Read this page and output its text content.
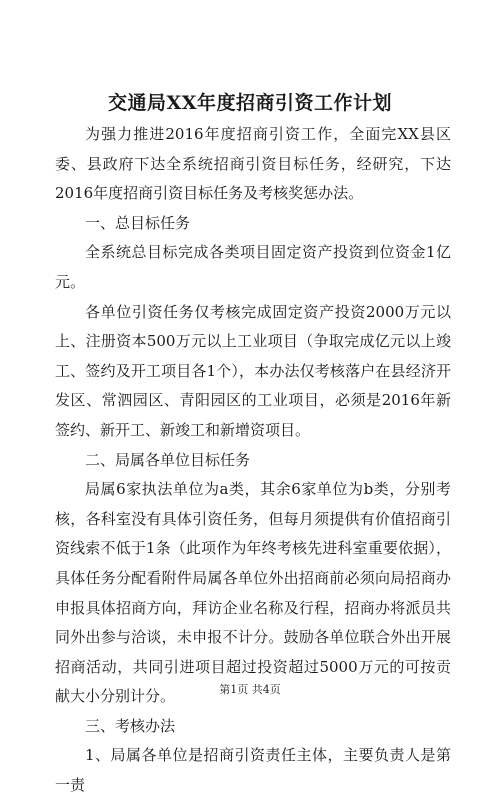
交通局XX年度招商引资工作计划

为强力推进2016年度招商引资工作，全面完XX县区委、县政府下达全系统招商引资目标任务，经研究，下达2016年度招商引资目标任务及考核奖惩办法。

一、总目标任务

全系统总目标完成各类项目固定资产投资到位资金1亿元。

各单位引资任务仅考核完成固定资产投资2000万元以上、注册资本500万元以上工业项目（争取完成亿元以上竣工、签约及开工项目各1个），本办法仅考核落户在县经济开发区、常泗园区、青阳园区的工业项目，必须是2016年新签约、新开工、新竣工和新增资项目。

二、局属各单位目标任务

局属6家执法单位为a类，其余6家单位为b类，分别考核，各科室没有具体引资任务，但每月须提供有价值招商引资线索不低于1条（此项作为年终考核先进科室重要依据），具体任务分配看附件局属各单位外出招商前必须向局招商办申报具体招商方向，拜访企业名称及行程，招商办将派员共同外出参与洽谈，未申报不计分。鼓励各单位联合外出开展招商活动，共同引进项目超过投资超过5000万元的可按贡献大小分别计分。

三、考核办法

1、局属各单位是招商引资责任主体，主要负责人是第一责

第1页 共4页
